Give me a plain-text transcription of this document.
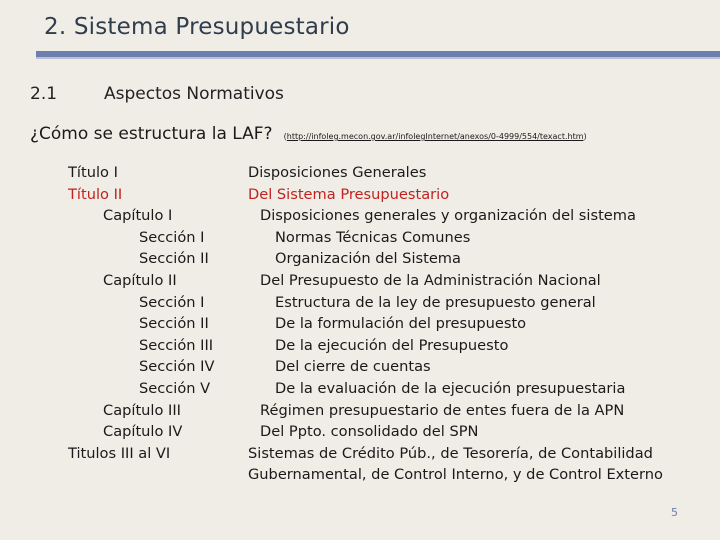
2. Sistema Presupuestario
2.1	Aspectos Normativos
¿Cómo se estructura la LAF? (http://infoleg.mecon.gov.ar/infolegInternet/anexos/0-4999/554/texact.htm)
Título I
Título II
Capítulo I
Sección I
Sección II
Capítulo II
Sección I
Sección II
Sección III
Sección IV
Sección V
Capítulo III
Capítulo IV
Titulos III al VI
Disposiciones Generales
Del Sistema Presupuestario
Disposiciones generales y organización del sistema
Normas Técnicas Comunes
Organización del Sistema
Del Presupuesto de la Administración Nacional
Estructura de la ley de presupuesto general
De la formulación del presupuesto
De la ejecución del Presupuesto
Del cierre de cuentas
De la evaluación de la ejecución presupuestaria
Régimen presupuestario de entes fuera de la APN
Del Ppto. consolidado del SPN
Sistemas de Crédito Púb., de Tesorería, de Contabilidad
Gubernamental, de Control Interno, y de Control Externo
5
